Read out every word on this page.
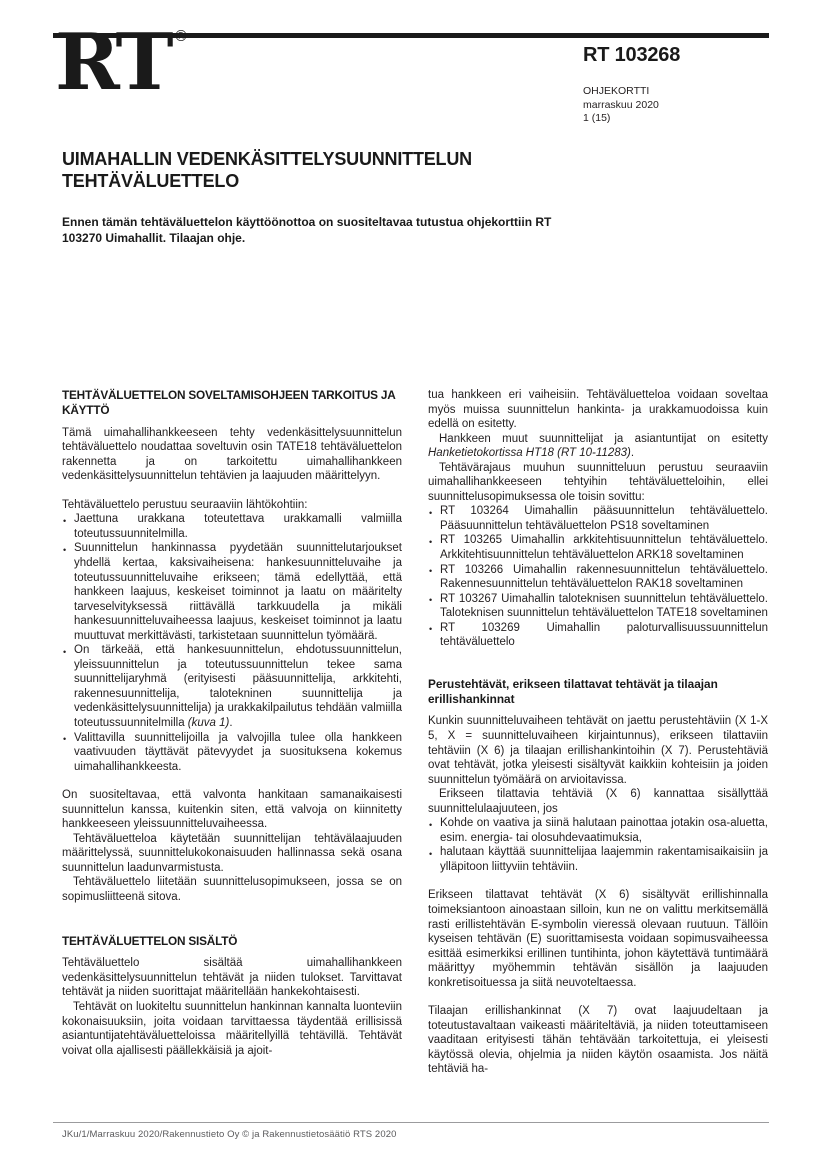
RT ®
RT 103268
OHJEKORTTI
marraskuu 2020
1 (15)
UIMAHALLIN VEDENKÄSITTELYSUUNNITTELUN TEHTÄVÄLUETTELO

Ennen tämän tehtäväluettelon käyttöönottoa on suositeltavaa tutustua ohjekorttiin RT 103270 Uimahallit. Tilaajan ohje.

TEHTÄVÄLUETTELON SOVELTAMISOHJEEN TARKOITUS JA KÄYTTÖ

Tämä uimahallihankkeeseen tehty vedenkäsittelysuunnittelun tehtäväluettelo noudattaa soveltuvin osin TATE18 tehtäväluettelon rakennetta ja on tarkoitettu uimahallihankkeen vedenkäsittelysuunnittelun tehtävien ja laajuuden määrittelyyn.

Tehtäväluettelo perustuu seuraaviin lähtökohtiin:

• Jaettuna urakkana toteutettava urakkamalli valmiilla toteutussuunnitelmilla.
• Suunnittelun hankinnassa pyydetään suunnittelutarjoukset yhdellä kertaa, kaksivaiheisena: hankesuunnitteluvaihe ja toteutussuunnitteluvaihe erikseen; tämä edellyttää, että hankkeen laajuus, keskeiset toiminnot ja laatu on määritelty tarveselvityksessä riittävällä tarkkuudella ja mikäli hankesuunnitteluvaiheessa laajuus, keskeiset toiminnot ja laatu muuttuvat merkittävästi, tarkistetaan suunnittelun työmäärä.
• On tärkeää, että hankesuunnittelun, ehdotussuunnittelun, yleissuunnittelun ja toteutussuunnittelun tekee sama suunnittelijaryhmä (erityisesti pääsuunnittelija, arkkitehti, rakennesuunnittelija, talotekninen suunnittelija ja vedenkäsittelysuunnittelija) ja urakkakilpailutus tehdään valmiilla toteutussuunnitelmilla (kuva 1).
• Valittavilla suunnittelijoilla ja valvojilla tulee olla hankkeen vaativuuden täyttävät pätevyydet ja suosituksena kokemus uimahallihankkeesta.

On suositeltavaa, että valvonta hankitaan samanaikaisesti suunnittelun kanssa, kuitenkin siten, että valvoja on kiinnitetty hankkeeseen yleissuunnitteluvaiheessa.

Tehtäväluetteloa käytetään suunnittelijan tehtävälaajuuden määrittelyssä, suunnittelukokonaisuuden hallinnassa sekä osana suunnittelun laadunvarmistusta.

Tehtäväluettelo liitetään suunnittelusopimukseen, jossa se on sopimusliitteenä sitova.

TEHTÄVÄLUETTELON SISÄLTÖ

Tehtäväluettelo sisältää uimahallihankkeen vedenkäsittelysuunnittelun tehtävät ja niiden tulokset. Tarvittavat tehtävät ja niiden suorittajat määritellään hankekohtaisesti.

Tehtävät on luokiteltu suunnittelun hankinnan kannalta luonteviin kokonaisuuksiin, joita voidaan tarvittaessa täydentää erillisissä asiantuntijatehtäväluetteloissa määritellyillä tehtävillä. Tehtävät voivat olla ajallisesti päällekkäisiä ja ajoit-

tua hankkeen eri vaiheisiin. Tehtäväluetteloa voidaan soveltaa myös muissa suunnittelun hankinta- ja urakkamuodoissa kuin edellä on esitetty.

Hankkeen muut suunnittelijat ja asiantuntijat on esitetty Hanketietokortissa HT18 (RT 10-11283).

Tehtävärajaus muuhun suunnitteluun perustuu seuraaviin uimahallihankkeeseen tehtyihin tehtäväluetteloihin, ellei suunnittelusopimuksessa ole toisin sovittu:

• RT 103264 Uimahallin pääsuunnittelun tehtäväluettelo. Pääsuunnittelun tehtäväluettelon PS18 soveltaminen
• RT 103265 Uimahallin arkkitehtisuunnittelun tehtäväluettelo. Arkkitehtisuunnittelun tehtäväluettelon ARK18 soveltaminen
• RT 103266 Uimahallin rakennesuunnittelun tehtäväluettelo. Rakennesuunnittelun tehtäväluettelon RAK18 soveltaminen
• RT 103267 Uimahallin taloteknisen suunnittelun tehtäväluettelo. Taloteknisen suunnittelun tehtäväluettelon TATE18 soveltaminen
• RT 103269 Uimahallin paloturvallisuussuunnittelun tehtäväluettelo
Perustehtävät, erikseen tilattavat tehtävät ja tilaajan erillishankinnat

Kunkin suunnitteluvaiheen tehtävät on jaettu perustehtäviin (X 1-X 5, X = suunnitteluvaiheen kirjaintunnus), erikseen tilattaviin tehtäviin (X 6) ja tilaajan erillishankintoihin (X 7). Perustehtäviä ovat tehtävät, jotka yleisesti sisältyvät kaikkiin kohteisiin ja joiden suunnittelun työmäärä on arvioitavissa.

Erikseen tilattavia tehtäviä (X 6) kannattaa sisällyttää suunnittelulaajuuteen, jos

• Kohde on vaativa ja siinä halutaan painottaa jotakin osa-aluetta, esim. energia- tai olosuhdevaatimuksia,
• halutaan käyttää suunnittelijaa laajemmin rakentamisaikaisiin ja ylläpitoon liittyviin tehtäviin.

Erikseen tilattavat tehtävät (X 6) sisältyvät erillishinnalla toimeksiantoon ainoastaan silloin, kun ne on valittu merkitsemällä rasti erillistehtävän E-symbolin vieressä olevaan ruutuun. Tällöin kyseisen tehtävän (E) suorittamisesta voidaan sopimusvaiheessa esittää esimerkiksi erillinen tuntihinta, johon käytettävä tuntimäärä määrittyy myöhemmin tehtävän sisällön ja laajuuden konkretisoituessa ja siitä neuvoteltaessa.

Tilaajan erillishankinnat (X 7) ovat laajuudeltaan ja toteutustavaltaan vaikeasti määriteltäviä, ja niiden toteuttamiseen vaaditaan erityisesti tähän tehtävään tarkoitettuja, ei yleisesti käytössä olevia, ohjelmia ja niiden käytön osaamista. Jos näitä tehtäviä ha-

JKu/1/Marraskuu 2020/Rakennustieto Oy © ja Rakennustietosäätiö RTS 2020
